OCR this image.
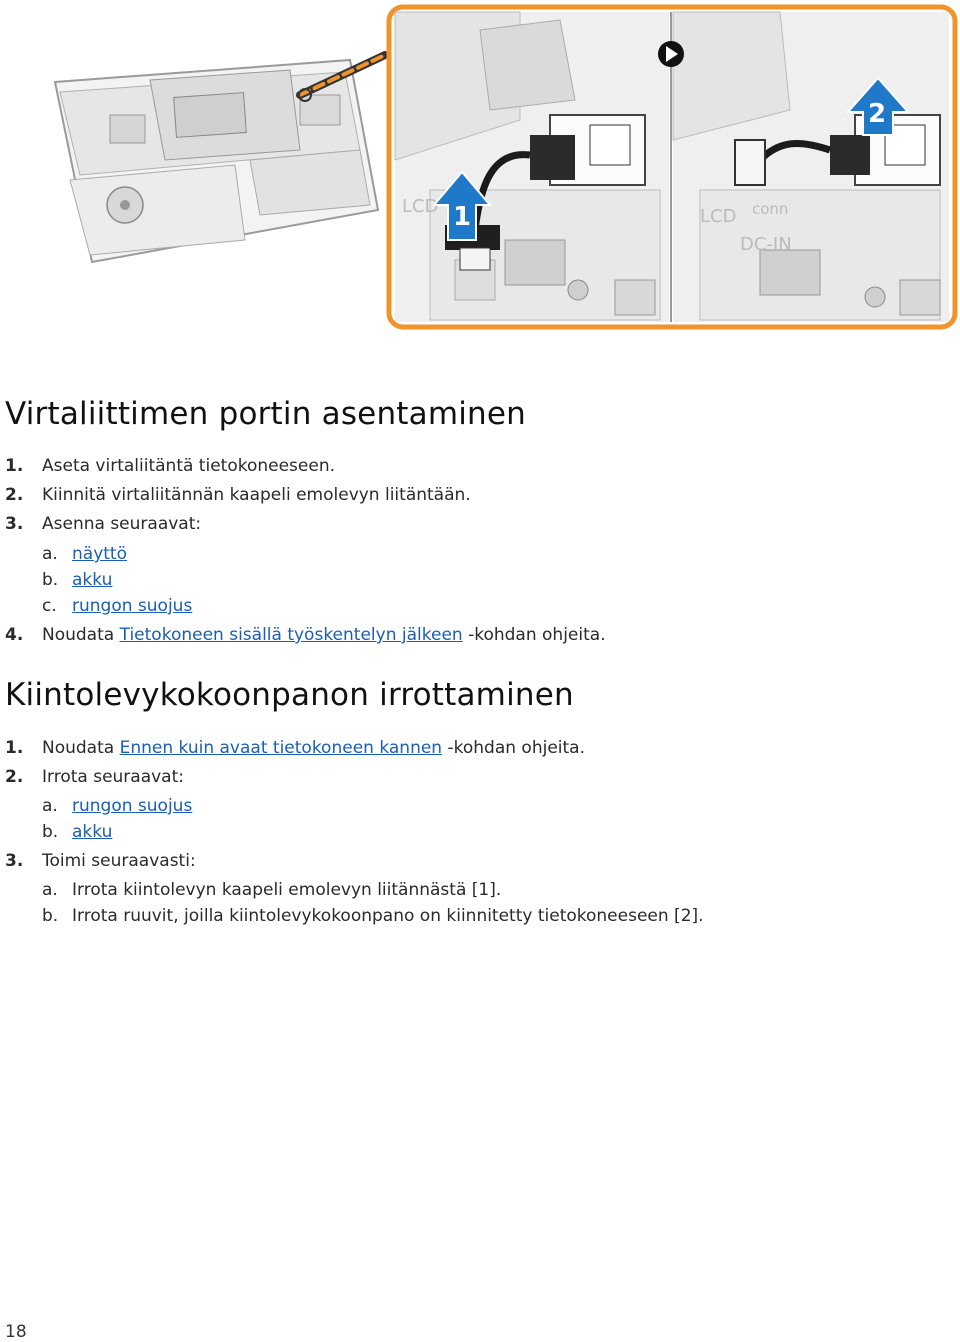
LCD 1	LCD conn
DC-IN
2
Virtaliittimen portin asentaminen
1. Aseta virtaliitäntä tietokoneeseen.
2. Kiinnitä virtaliitännän kaapeli emolevyn liitäntään.
3. Asenna seuraavat:
a. näyttö
b. akku
c. rungon suojus
4. Noudata Tietokoneen sisällä työskentelyn jälkeen -kohdan ohjeita.
Kiintolevykokoonpanon irrottaminen
1. Noudata Ennen kuin avaat tietokoneen kannen -kohdan ohjeita.
2. Irrota seuraavat:
a. rungon suojus
b. akku
3. Toimi seuraavasti:
a. Irrota kiintolevyn kaapeli emolevyn liitännästä [1].
b. Irrota ruuvit, joilla kiintolevykokoonpano on kiinnitetty tietokoneeseen [2].
18
